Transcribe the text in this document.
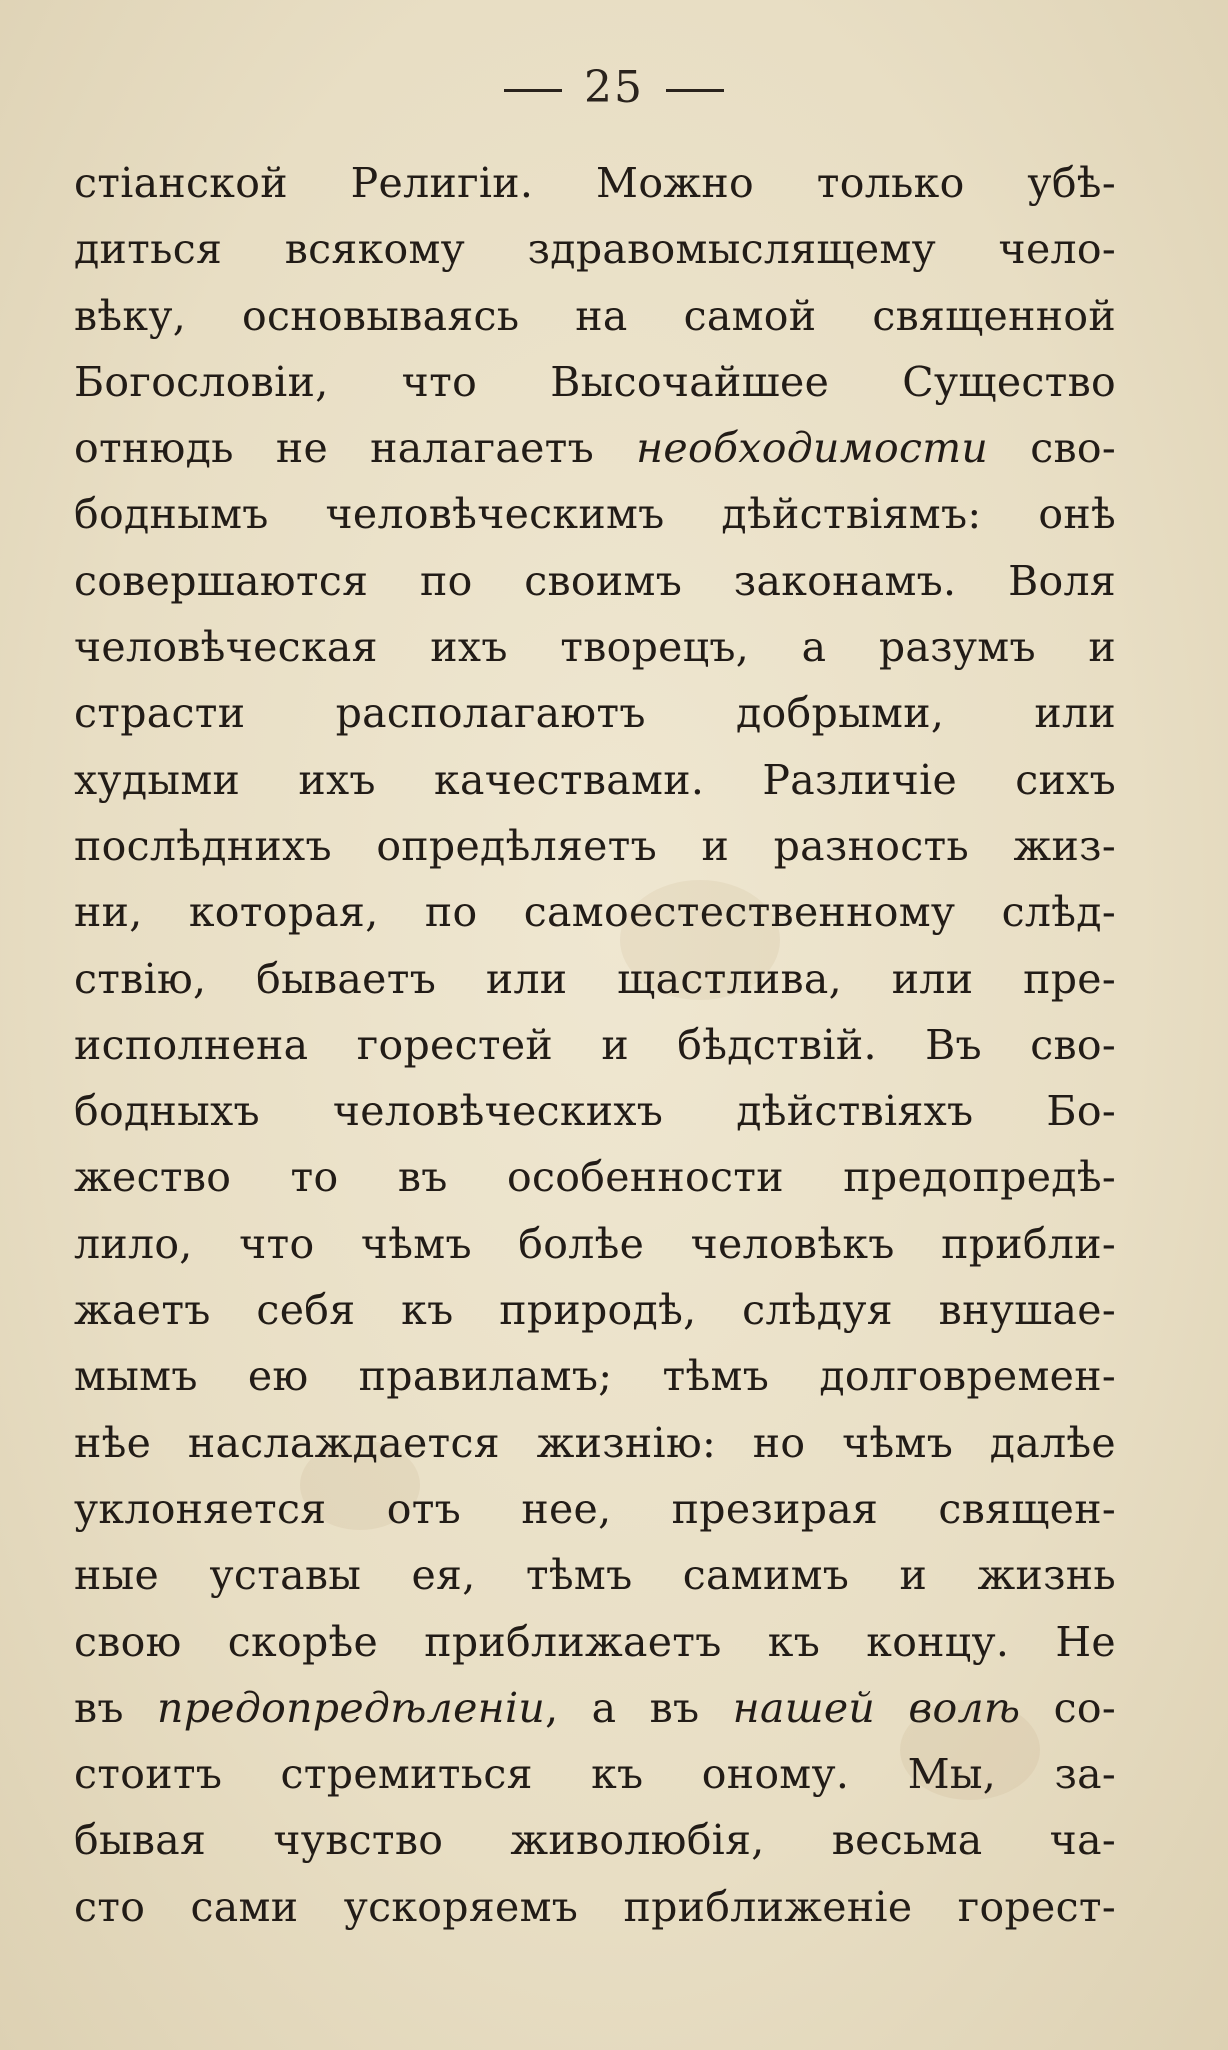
25
стіанской Религіи. Можно только убѣ-
диться всякому здравомыслящему чело-
вѣку, основываясь на самой священной
Богословіи, что Высочайшее Существо
отнюдь не налагаетъ необходимости сво-
боднымъ человѣческимъ дѣйствіямъ: онѣ
совершаются по своимъ законамъ. Воля
человѣческая ихъ творецъ, а разумъ и
страсти располагаютъ добрыми, или
худыми ихъ качествами. Различіе сихъ
послѣднихъ опредѣляетъ и разность жиз-
ни, которая, по самоестественному слѣд-
ствію, бываетъ или щастлива, или пре-
исполнена горестей и бѣдствій. Въ сво-
бодныхъ человѣческихъ дѣйствіяхъ Бо-
жество то въ особенности предопредѣ-
лило, что чѣмъ болѣе человѣкъ прибли-
жаетъ себя къ природѣ, слѣдуя внушае-
мымъ ею правиламъ; тѣмъ долговремен-
нѣе наслаждается жизнію: но чѣмъ далѣе
уклоняется отъ нее, презирая священ-
ные уставы ея, тѣмъ самимъ и жизнь
свою скорѣе приближаетъ къ концу. Не
въ предопредѣленіи, а въ нашей волѣ со-
стоитъ стремиться къ оному. Мы, за-
бывая чувство живолюбія, весьма ча-
сто сами ускоряемъ приближеніе горест-
